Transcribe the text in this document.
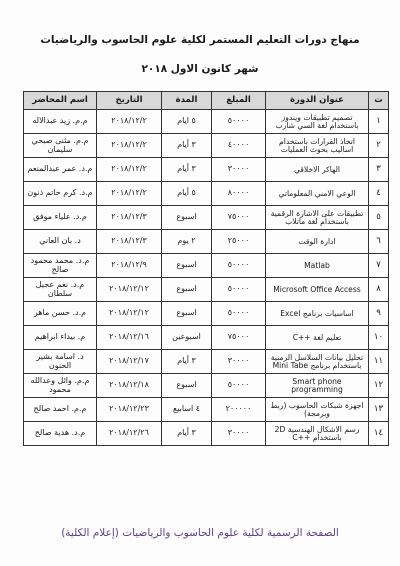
منهاج دورات التعليم المستمر لكلية علوم الحاسوب والرياضيات
شهر كانون الاول ٢٠١٨
ت	عنوان الدورة	المبلغ	المدة	التاريخ	اسم المحاضر
١	تصميم تطبيقات ويندوز باستخدام لغة السي شارب	٥٠٠٠٠	٥ ايام	٢٠١٨/١٢/٢	م.م. زيد عبدالاله
٢	اتخاذ القرارات باستخدام اساليب بحوث العمليات	٤٠٠٠٠	٣ أيام	٢٠١٨/١٢/٢	م.م. مثنى صبحي سليمان
٣	الهاكر الاخلاقي	٣٠٠٠٠	٣ أيام	٢٠١٨/١٢/٢	م.د. عمر عبدالمنعم
٤	الوعي الامني المعلوماتي	٨٠٠٠٠	٥ أيام	٢٠١٨/١٢/٢	م.د. كرم حاتم ذنون
٥	تطبيقات على الاشارة الرقمية باستخدام لغة ماتلاب	٧٥٠٠٠	اسبوع	٢٠١٨/١٢/٣	م.د. علياء موفق
٦	ادارة الوقت	٢٥٠٠٠	٢ يوم	٢٠١٨/١٢/٣	د. بان العاني
٧	Matlab	٥٠٠٠٠	اسبوع	٢٠١٨/١٢/٩	م.د. محمد محمود صالح
٨	Microsoft Office Access	٥٠٠٠٠	اسبوع	٢٠١٨/١٢/١٢	م.د. نغم عجيل سلطان
٩	اساسيات برنامج Excel	٥٠٠٠٠	اسبوع	٢٠١٨/١٢/١٢	م.د. حسن ماهر
١٠	تعليم لغة ++C	٧٥٠٠٠	اسبوعين	٢٠١٨/١٢/١٦	م. بيداء ابراهيم
١١	تحليل بيانات السلاسل الزمنية باستخدام برنامج Mini Tabe	٣٠٠٠٠	٣ أيام	٢٠١٨/١٢/١٧	د. اسامة بشير الحنون
١٢	Smart phone programming	٥٠٠٠٠	اسبوع	٢٠١٨/١٢/١٨	م.م. وائل وعدالله محمود
١٣	اجهزة شبكات الحاسوب (ربط وبرمجة)	٢٠٠٠٠٠	٤ اسابيع	٢٠١٨/١٢/٢٣	م.م. احمد صالح
١٤	رسم الاشكال الهندسية 2D باستخدام ++C	٣٠٠٠٠	٣ أيام	٢٠١٨/١٢/٢٦	م.د. هدية صالح
الصفحة الرسمية لكلية علوم الحاسوب والرياضيات (إعلام الكلية)
